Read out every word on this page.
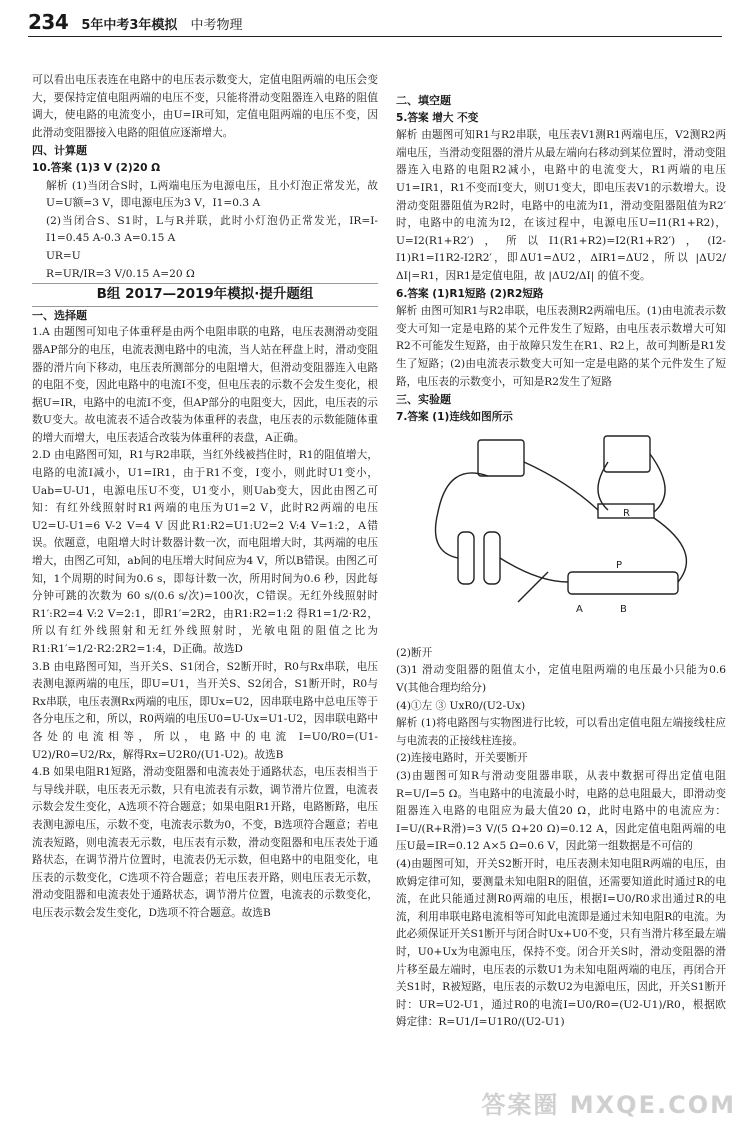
234 5年中考3年模拟 中考物理

可以看出电压表连在电路中的电压表示数变大，定值电阻两端的电压会变大，要保持定值电阻两端的电压不变，只能将滑动变阻器连入电路的阻值调大，使电路的电流变小，由U=IR可知，定值电阻两端的电压不变，因此滑动变阻器接入电路的阻值应逐渐增大。

四、计算题

10.答案 (1)3 V (2)20 Ω

解析 (1)当闭合S时，L两端电压为电源电压，且小灯泡正常发光，故U=U额=3 V，即电源电压为3 V，I1=0.3 A

(2)当闭合S、S1时，L与R并联，此时小灯泡仍正常发光，IR=I-I1=0.45 A-0.3 A=0.15 A

UR=U

R=UR/IR=3 V/0.15 A=20 Ω

B组 2017—2019年模拟·提升题组

一、选择题

1.A 由题图可知电子体重秤是由两个电阻串联的电路，电压表测滑动变阻器AP部分的电压，电流表测电路中的电流，当人站在秤盘上时，滑动变阻器的滑片向下移动，电压表所测部分的电阻增大，但滑动变阻器连入电路的电阻不变，因此电路中的电流I不变，但电压表的示数不会发生变化，根据U=IR，电路中的电流I不变，但AP部分的电阻变大，因此，电压表的示数U变大。故电流表不适合改装为体重秤的表盘，电压表的示数能随体重的增大而增大，电压表适合改装为体重秤的表盘，A正确。

2.D 由电路图可知，R1与R2串联，当红外线被挡住时，R1的阻值增大，电路的电流I减小，U1=IR1，由于R1不变，I变小，则此时U1变小，Uab=U-U1，电源电压U不变，U1变小，则Uab变大，因此由图乙可知：有红外线照射时R1两端的电压为U1=2 V，此时R2两端的电压U2=U-U1=6 V-2 V=4 V 因此R1:R2=U1:U2=2 V:4 V=1:2，A错误。依题意，电阻增大时计数器计数一次，而电阻增大时，其两端的电压增大，由图乙可知，ab间的电压增大时间应为4 V，所以B错误。由图乙可知，1个周期的时间为0.6 s，即每计数一次，所用时间为0.6 秒，因此每分钟可跳的次数为 60 s/(0.6 s/次)=100次，C错误。无红外线照射时R1′:R2=4 V:2 V=2:1，即R1′=2R2，由R1:R2=1:2 得R1=1/2·R2，所以有红外线照射和无红外线照射时，光敏电阻的阻值之比为R1:R1′=1/2·R2:2R2=1:4，D正确。故选D

3.B 由电路图可知，当开关S、S1闭合，S2断开时，R0与Rx串联，电压表测电源两端的电压，即U=U1，当开关S、S2闭合，S1断开时，R0与Rx串联，电压表测Rx两端的电压，即Ux=U2，因串联电路中总电压等于各分电压之和，所以，R0两端的电压U0=U-Ux=U1-U2，因串联电路中各处的电流相等，所以，电路中的电流 I=U0/R0=(U1-U2)/R0=U2/Rx，解得Rx=U2R0/(U1-U2)。故选B

4.B 如果电阻R1短路，滑动变阻器和电流表处于通路状态，电压表相当于与导线并联，电压表无示数，只有电流表有示数，调节滑片位置，电流表示数会发生变化，A选项不符合题意；如果电阻R1开路，电路断路，电压表测电源电压，示数不变，电流表示数为0，不变，B选项符合题意；若电流表短路，则电流表无示数，电压表有示数，滑动变阻器和电压表处于通路状态，在调节滑片位置时，电流表仍无示数，但电路中的电阻变化，电压表的示数变化，C选项不符合题意；若电压表开路，则电压表无示数，滑动变阻器和电流表处于通路状态，调节滑片位置，电流表的示数变化，电压表示数会发生变化，D选项不符合题意。故选B

二、填空题

5.答案 增大 不变

解析 由题图可知R1与R2串联，电压表V1测R1两端电压，V2测R2两端电压，当滑动变阻器的滑片从最左端向右移动到某位置时，滑动变阻器连入电路的电阻R2减小，电路中的电流变大，R1两端的电压U1=IR1，R1不变而I变大，则U1变大，即电压表V1的示数增大。设滑动变阻器阻值为R2时，电路中的电流为I1，滑动变阻器阻值为R2′时，电路中的电流为I2，在该过程中，电源电压U=I1(R1+R2)，U=I2(R1+R2′)，所以I1(R1+R2)=I2(R1+R2′)，(I2-I1)R1=I1R2-I2R2′，即ΔU1=ΔU2，ΔIR1=ΔU2，所以 |ΔU2/ΔI|=R1，因R1是定值电阻，故 |ΔU2/ΔI| 的值不变。

6.答案 (1)R1短路 (2)R2短路

解析 由图可知R1与R2串联，电压表测R2两端电压。(1)由电流表示数变大可知一定是电路的某个元件发生了短路，由电压表示数增大可知R2不可能发生短路，由于故障只发生在R1、R2上，故可判断是R1发生了短路；(2)由电流表示数变大可知一定是电路的某个元件发生了短路，电压表的示数变小，可知是R2发生了短路

三、实验题

7.答案 (1)连线如图所示

R
B
A
P

(2)断开

(3)1 滑动变阻器的阻值太小，定值电阻两端的电压最小只能为0.6 V(其他合理均给分)

(4)①左 ③ UxR0/(U2-Ux)

解析 (1)将电路图与实物图进行比较，可以看出定值电阻左端接线柱应与电流表的正接线柱连接。

(2)连接电路时，开关要断开

(3)由题图可知R与滑动变阻器串联，从表中数据可得出定值电阻R=U/I=5 Ω。当电路中的电流最小时，电路的总电阻最大，即滑动变阻器连入电路的电阻应为最大值20 Ω，此时电路中的电流应为：I=U/(R+R滑)=3 V/(5 Ω+20 Ω)=0.12 A，因此定值电阻两端的电压U最=IR=0.12 A×5 Ω=0.6 V，因此第一组数据是不可信的

(4)由题图可知，开关S2断开时，电压表测未知电阻R两端的电压，由欧姆定律可知，要测量未知电阻R的阻值，还需要知道此时通过R的电流，在此只能通过测R0两端的电压，根据I=U0/R0求出通过R的电流，利用串联电路电流相等可知此电流即是通过未知电阻R的电流。为此必须保证开关S1断开与闭合时Ux+U0不变，只有当滑片移至最左端时，U0+Ux为电源电压，保持不变。闭合开关S时，滑动变阻器的滑片移至最左端时，电压表的示数U1为未知电阻两端的电压，再闭合开关S1时，R被短路，电压表的示数U2为电源电压，因此，开关S1断开时：UR=U2-U1，通过R0的电流I=U0/R0=(U2-U1)/R0，根据欧姆定律：R=U1/I=U1R0/(U2-U1)

答案圈 MXQE.COM
